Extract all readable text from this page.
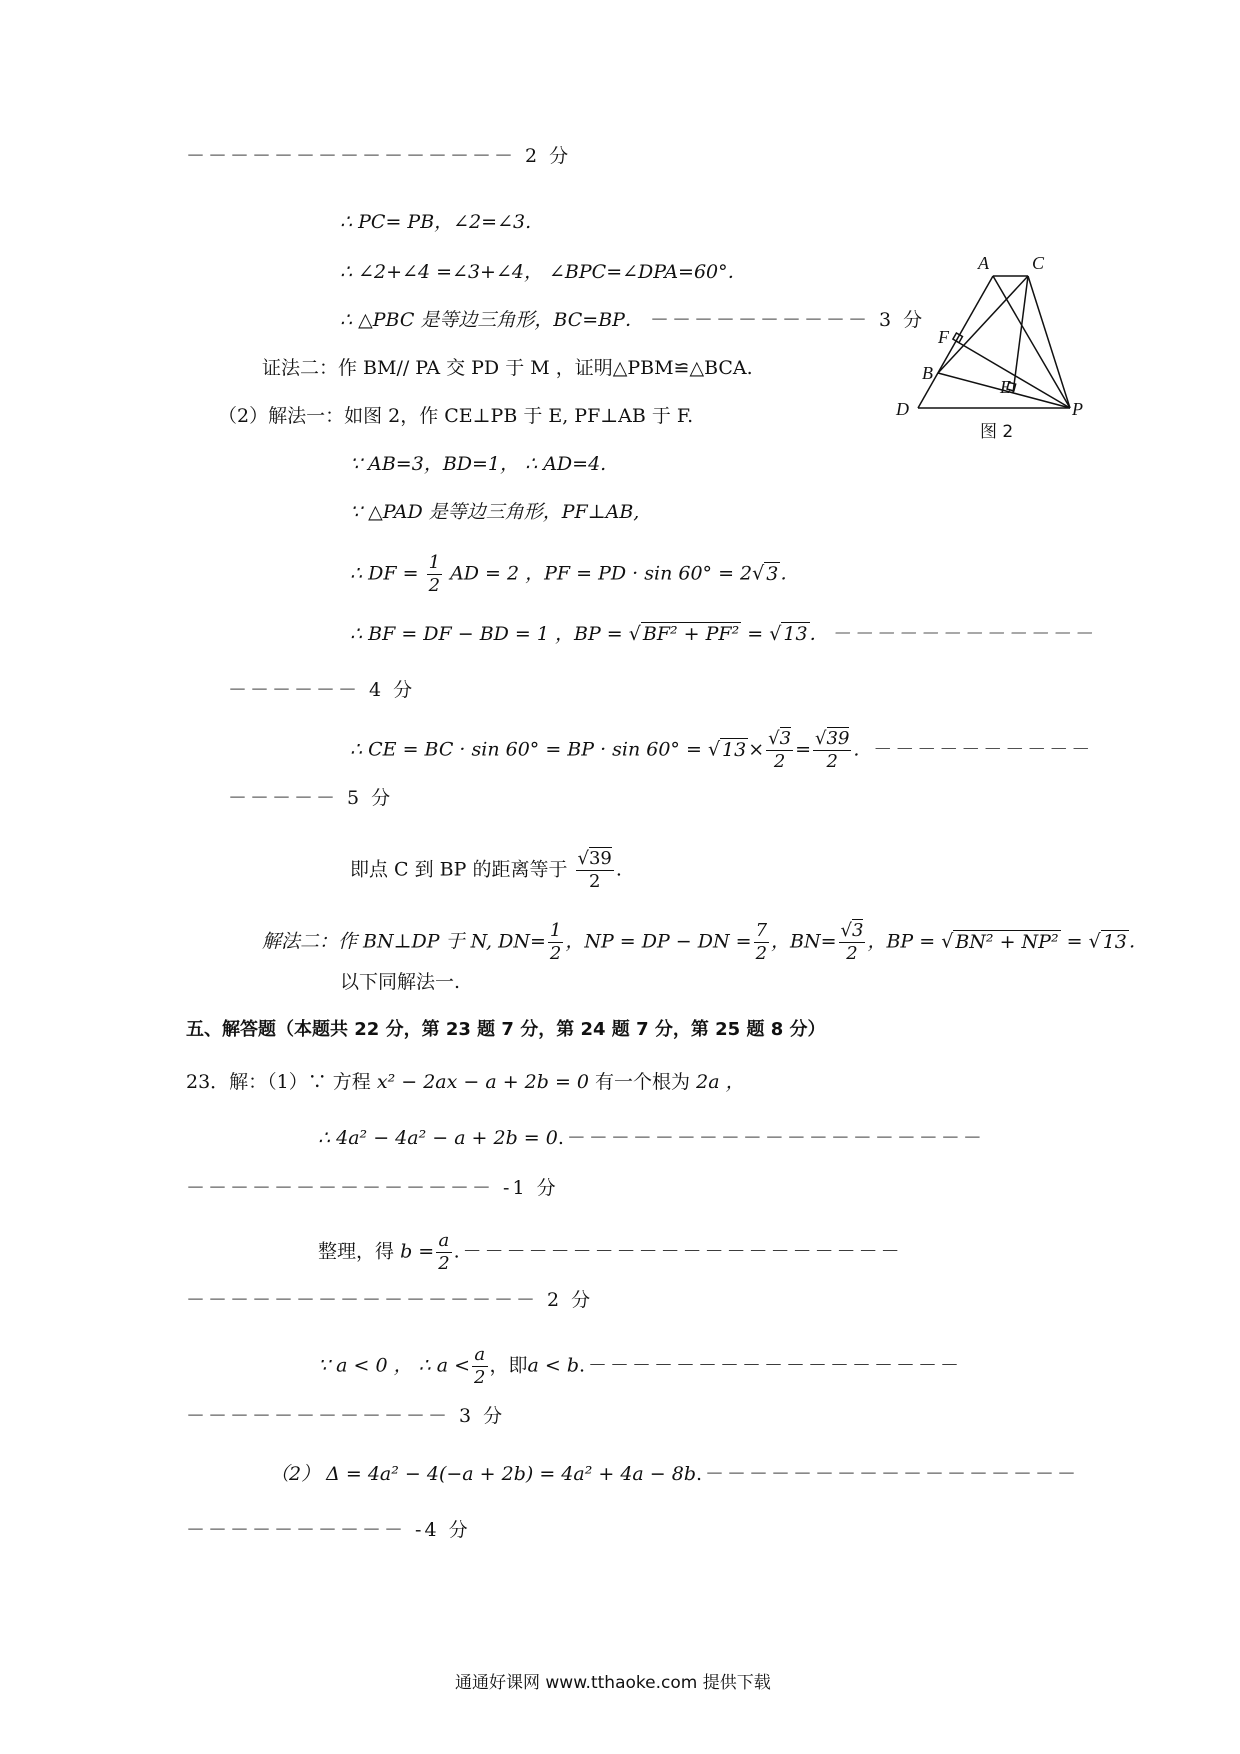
－－－－－－－－－－－－－－－ 2 分
∴ PC= PB，∠2=∠3.
∴ ∠2+∠4 =∠3+∠4， ∠BPC=∠DPA=60°．
∴ △PBC 是等边三角形，BC=BP． －－－－－－－－－－ 3 分
证法二：作 BM// PA 交 PD 于 M ，证明△PBM≌△BCA.
（2）解法一：如图 2，作 CE⊥PB 于 E, PF⊥AB 于 F.
∵ AB=3，BD=1， ∴ AD=4.
∵ △PAD 是等边三角形，PF⊥AB,
∴ DF = $\frac{1}{2}$ AD = 2 ，PF = PD · sin 60° = 2√ 3 ．
∴ BF = DF − BD = 1 ，BP = √ BF² + PF² = √ 13 ．－－－－－－－－－－－－
－－－－－－ 4 分
∴ CE = BC · sin 60° = BP · sin 60° = √ $13 \times \frac{√3}{2} = \frac{√39}{2}$ . －－－－－－－－－－
－－－－－ 5 分
即点 C 到 BP 的距离等于 $\frac{√39}{2}$ .
解法二：作 BN⊥DP 于 N, $DN= \frac{1}{2}$ ，NP = DP − DN = $\frac{7}{2}$ ，$BN= \frac{√3}{2}$ ，BP = √ BN² + NP² = √ 13 ．
以下同解法一.
五、解答题（本题共 22 分，第 23 题 7 分，第 24 题 7 分，第 25 题 8 分）
23．解：（1）∵ 方程 x² − 2ax − a + 2b = 0 有一个根为 2a ，
∴ 4a² − 4a² − a + 2b = 0.－－－－－－－－－－－－－－－－－－－
－－－－－－－－－－－－－－ -1 分
整理，得 $b = \frac{a}{2}$ .－－－－－－－－－－－－－－－－－－－－
－－－－－－－－－－－－－－－－ 2 分
∵ a < 0 ， ∴ $a < \frac{a}{2}$ ，即a < b.－－－－－－－－－－－－－－－－－
－－－－－－－－－－－－ 3 分
（2） Δ = 4a² − 4(−a + 2b) = 4a² + 4a − 8b.－－－－－－－－－－－－－－－－－
－－－－－－－－－－ -4 分
A C
F
B
E
D	P
图 2
通通好课网 www.tthaoke.com 提供下载
